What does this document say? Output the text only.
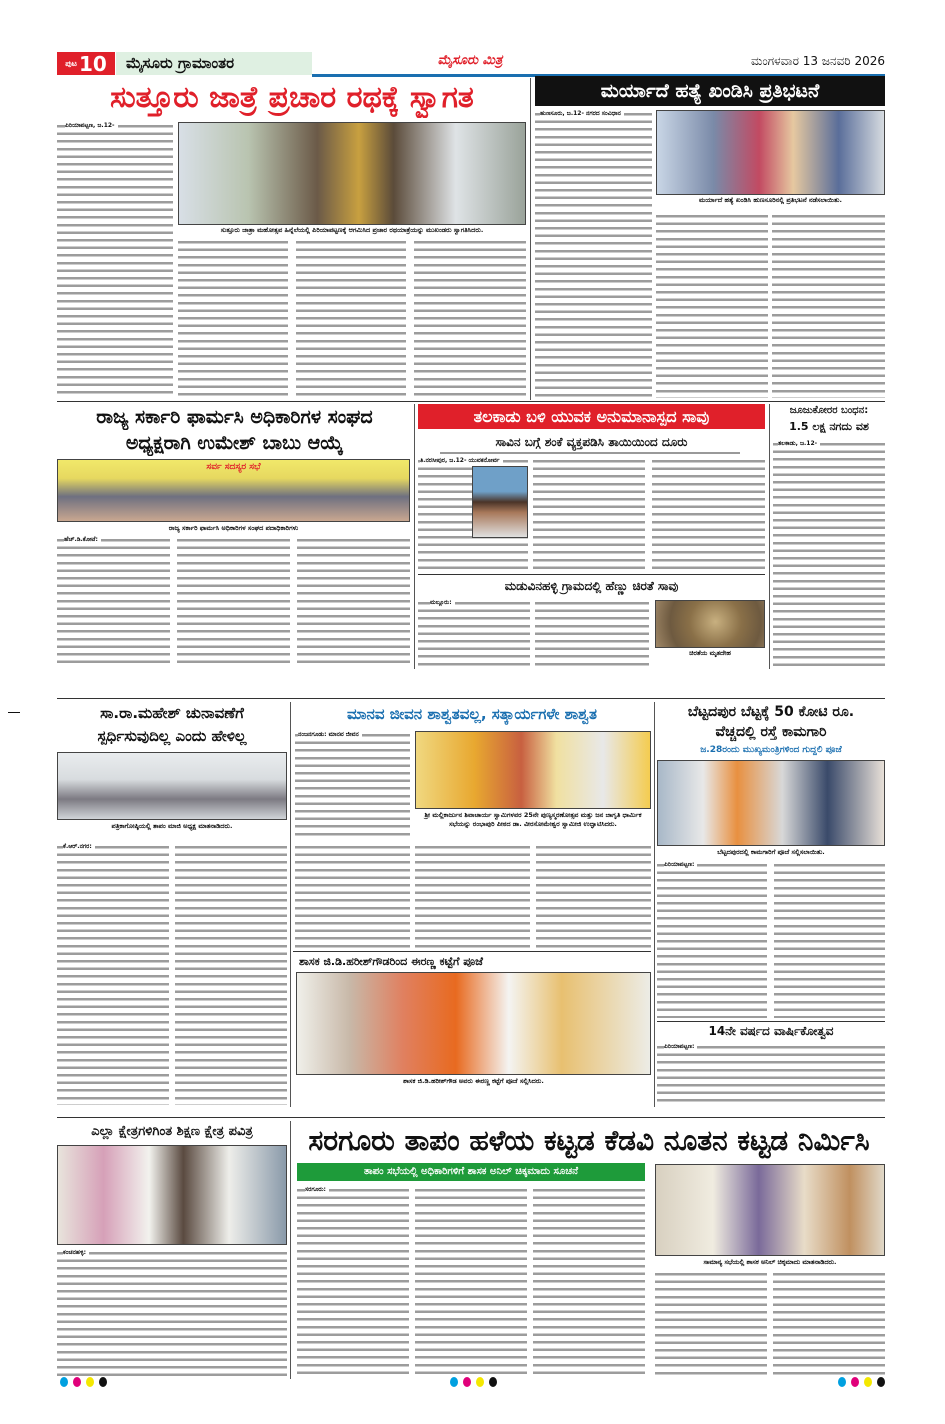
ಪುಟ 10	ಮೈಸೂರು ಗ್ರಾಮಾಂತರ	ಮೈಸೂರು ಮಿತ್ರ	ಮಂಗಳವಾರ 13 ಜನವರಿ 2026
ಸುತ್ತೂರು ಜಾತ್ರೆ ಪ್ರಚಾರ ರಥಕ್ಕೆ ಸ್ವಾಗತ
ಪಿರಿಯಾಪಟ್ಟಣ, ಜ.12-
ಸುತ್ತೂರು ಜಾತ್ರಾ ಮಹೋತ್ಸವ ಹಿನ್ನೆಲೆಯಲ್ಲಿ ಪಿರಿಯಾಪಟ್ಟಣಕ್ಕೆ ಆಗಮಿಸಿದ ಪ್ರಚಾರ ರಥಯಾತ್ರೆಯನ್ನು ಮುಖಂಡರು ಸ್ವಾಗತಿಸಿದರು.
ಮರ್ಯಾದೆ ಹತ್ಯೆ ಖಂಡಿಸಿ ಪ್ರತಿಭಟನೆ
ಹುಣಸೂರು, ಜ.12- ನಗರದ ಸಂವಿಧಾನ
ಮರ್ಯಾದೆ ಹತ್ಯೆ ಖಂಡಿಸಿ ಹುಣಸೂರಿನಲ್ಲಿ ಪ್ರತಿಭಟನೆ ನಡೆಸಲಾಯಿತು.
ರಾಜ್ಯ ಸರ್ಕಾರಿ ಫಾರ್ಮಸಿ ಅಧಿಕಾರಿಗಳ ಸಂಘದ
ಅಧ್ಯಕ್ಷರಾಗಿ ಉಮೇಶ್ ಬಾಬು ಆಯ್ಕೆ
ಸರ್ವ ಸದಸ್ಯರ ಸಭೆ
ರಾಜ್ಯ ಸರ್ಕಾರಿ ಫಾರ್ಮಸಿ ಅಧಿಕಾರಿಗಳ ಸಂಘದ ಪದಾಧಿಕಾರಿಗಳು
ಹೆಚ್.ಡಿ.ಕೋಟೆ:
ತಲಕಾಡು ಬಳಿ ಯುವಕ ಅನುಮಾನಾಸ್ಪದ ಸಾವು
ಸಾವಿನ ಬಗ್ಗೆ ಶಂಕೆ ವ್ಯಕ್ತಪಡಿಸಿ ತಾಯಿಯಿಂದ ದೂರು
ತಿ.ನರಸೀಪುರ, ಜ.12- ಯುವಕನೋರ್ವ
ಮಡುವಿನಹಳ್ಳಿ ಗ್ರಾಮದಲ್ಲಿ ಹೆಣ್ಣು ಚಿರತೆ ಸಾವು
ಮಲ್ಲೂರು:
ಚಿರತೆಯ ಮೃತದೇಹ
ಜೂಜುಕೋರರ ಬಂಧನ:
1.5 ಲಕ್ಷ ನಗದು ವಶ
ತಲಕಾಡು, ಜ.12-
ಸಾ.ರಾ.ಮಹೇಶ್ ಚುನಾವಣೆಗೆ
ಸ್ಪರ್ಧಿಸುವುದಿಲ್ಲ ಎಂದು ಹೇಳಿಲ್ಲ
ಪತ್ರಿಕಾಗೋಷ್ಠಿಯಲ್ಲಿ ತಾಪಂ ಮಾಜಿ ಅಧ್ಯಕ್ಷ ಮಾತನಾಡಿದರು.
ಕೆ.ಆರ್.ನಗರ:
ಮಾನವ ಜೀವನ ಶಾಶ್ವತವಲ್ಲ, ಸತ್ಕಾರ್ಯಗಳೇ ಶಾಶ್ವತ
ನಂಜನಗೂಡು: ಮಾನವ ಜೀವನ
ಶ್ರೀ ಮಲ್ಲಿಕಾರ್ಜುನ ಶಿವಾಚಾರ್ಯ ಸ್ವಾಮಿಗಳವರ 25ನೇ ಪುಣ್ಯಸ್ಮರಣೋತ್ಸವ ಮತ್ತು ಜನ ಜಾಗೃತಿ ಧಾರ್ಮಿಕ ಸಭೆಯನ್ನು ರಂಭಾಪುರಿ ಪೀಠದ ಡಾ. ವೀರಸೋಮೇಶ್ವರ ಸ್ವಾಮೀಜಿ ಉದ್ಘಾಟಿಸಿದರು.
ಶಾಸಕ ಜಿ.ಡಿ.ಹರೀಶ್‌ಗೌಡರಿಂದ ಈರಣ್ಣ ಕಟ್ಟೆಗೆ ಪೂಜೆ
ಶಾಸಕ ಜಿ.ಡಿ.ಹರೀಶ್‌ಗೌಡ ಅವರು ಈರಣ್ಣ ಕಟ್ಟೆಗೆ ಪೂಜೆ ಸಲ್ಲಿಸಿದರು.
ಬೆಟ್ಟದಪುರ ಬೆಟ್ಟಕ್ಕೆ 50 ಕೋಟಿ ರೂ.
ವೆಚ್ಚದಲ್ಲಿ ರಸ್ತೆ ಕಾಮಗಾರಿ
ಜ.28ರಂದು ಮುಖ್ಯಮಂತ್ರಿಗಳಿಂದ ಗುದ್ದಲಿ ಪೂಜೆ
ಬೆಟ್ಟದಪುರದಲ್ಲಿ ಕಾಮಗಾರಿಗೆ ಪೂಜೆ ಸಲ್ಲಿಸಲಾಯಿತು.
ಪಿರಿಯಾಪಟ್ಟಣ:
14ನೇ ವರ್ಷದ ವಾರ್ಷಿಕೋತ್ವವ
ಪಿರಿಯಾಪಟ್ಟಣ:
ಎಲ್ಲಾ ಕ್ಷೇತ್ರಗಳಿಗಿಂತ ಶಿಕ್ಷಣ ಕ್ಷೇತ್ರ ಪವಿತ್ರ
ಕಂಚನಹಳ್ಳಿ:
ಸರಗೂರು ತಾಪಂ ಹಳೆಯ ಕಟ್ಟಡ ಕೆಡವಿ ನೂತನ ಕಟ್ಟಡ ನಿರ್ಮಿಸಿ
ತಾಪಂ ಸಭೆಯಲ್ಲಿ ಅಧಿಕಾರಿಗಳಿಗೆ ಶಾಸಕ ಅನಿಲ್ ಚಿಕ್ಕಮಾದು ಸೂಚನೆ
ಸರಗೂರು:
ಸಾಮಾನ್ಯ ಸಭೆಯಲ್ಲಿ ಶಾಸಕ ಅನಿಲ್ ಚಿಕ್ಕಮಾದು ಮಾತನಾಡಿದರು.
